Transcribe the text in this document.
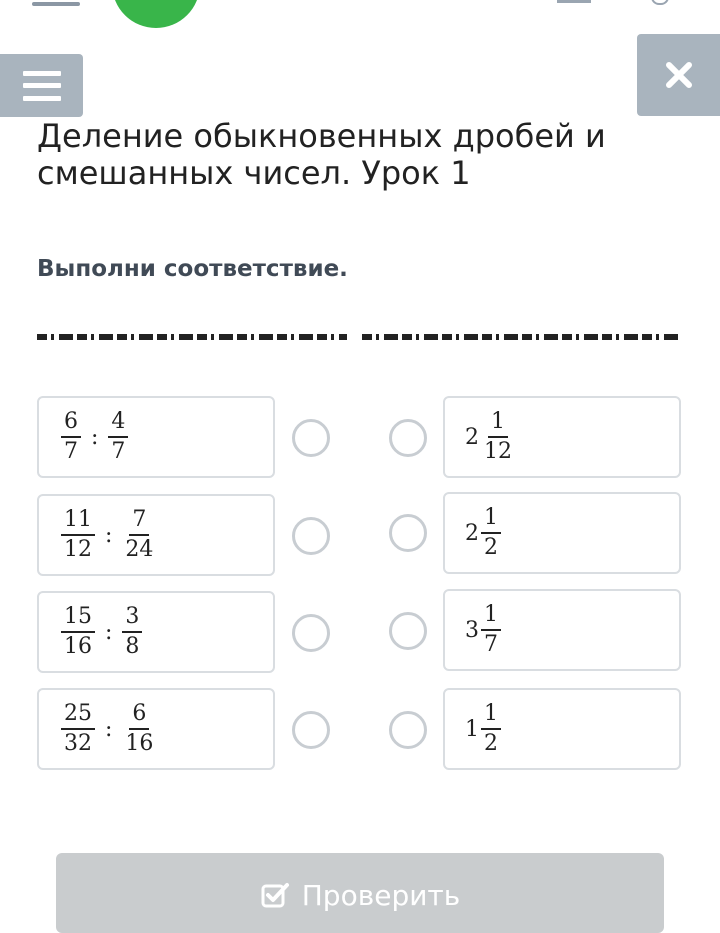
Деление обыкновенных дробей и смешанных чисел. Урок 1
Выполни соответствие.
$\frac{6}{7}$ : $\frac{4}{7}$	$2 \frac{1}{12}$
$\frac{11}{12}$ : $\frac{7}{24}$	$2 \frac{1}{2}$
$\frac{15}{16}$ : $\frac{3}{8}$	$3 \frac{1}{7}$
$\frac{25}{32}$ : $\frac{6}{16}$	$1 \frac{1}{2}$
Проверить
